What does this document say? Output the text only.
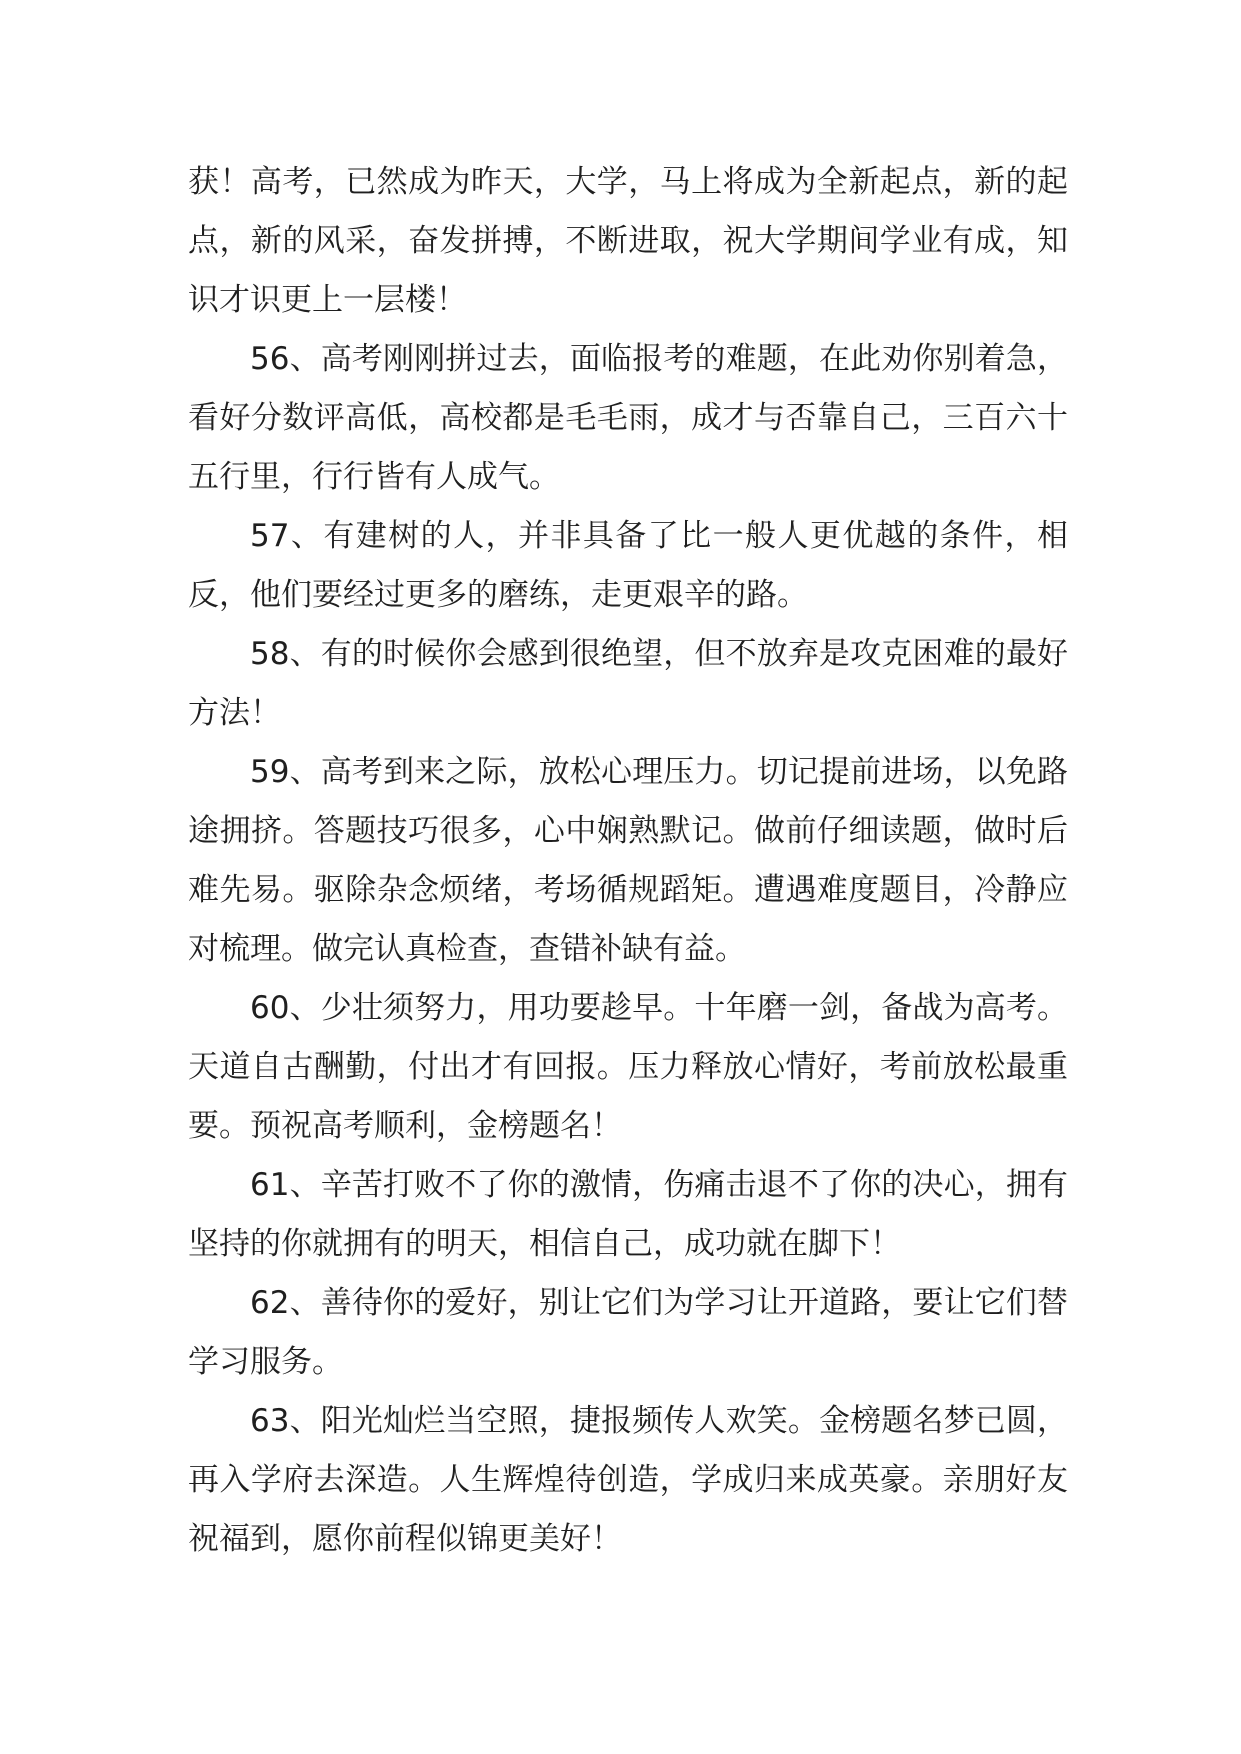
获！高考，已然成为昨天，大学，马上将成为全新起点，新的起点，新的风采，奋发拼搏，不断进取，祝大学期间学业有成，知识才识更上一层楼！

56、高考刚刚拼过去，面临报考的难题，在此劝你别着急，看好分数评高低，高校都是毛毛雨，成才与否靠自己，三百六十五行里，行行皆有人成气。

57、有建树的人，并非具备了比一般人更优越的条件，相反，他们要经过更多的磨练，走更艰辛的路。

58、有的时候你会感到很绝望，但不放弃是攻克困难的最好方法！

59、高考到来之际，放松心理压力。切记提前进场，以免路途拥挤。答题技巧很多，心中娴熟默记。做前仔细读题，做时后难先易。驱除杂念烦绪，考场循规蹈矩。遭遇难度题目，冷静应对梳理。做完认真检查，查错补缺有益。

60、少壮须努力，用功要趁早。十年磨一剑，备战为高考。天道自古酬勤，付出才有回报。压力释放心情好，考前放松最重要。预祝高考顺利，金榜题名！

61、辛苦打败不了你的激情，伤痛击退不了你的决心，拥有坚持的你就拥有的明天，相信自己，成功就在脚下！

62、善待你的爱好，别让它们为学习让开道路，要让它们替学习服务。

63、阳光灿烂当空照，捷报频传人欢笑。金榜题名梦已圆，再入学府去深造。人生辉煌待创造，学成归来成英豪。亲朋好友祝福到，愿你前程似锦更美好！
